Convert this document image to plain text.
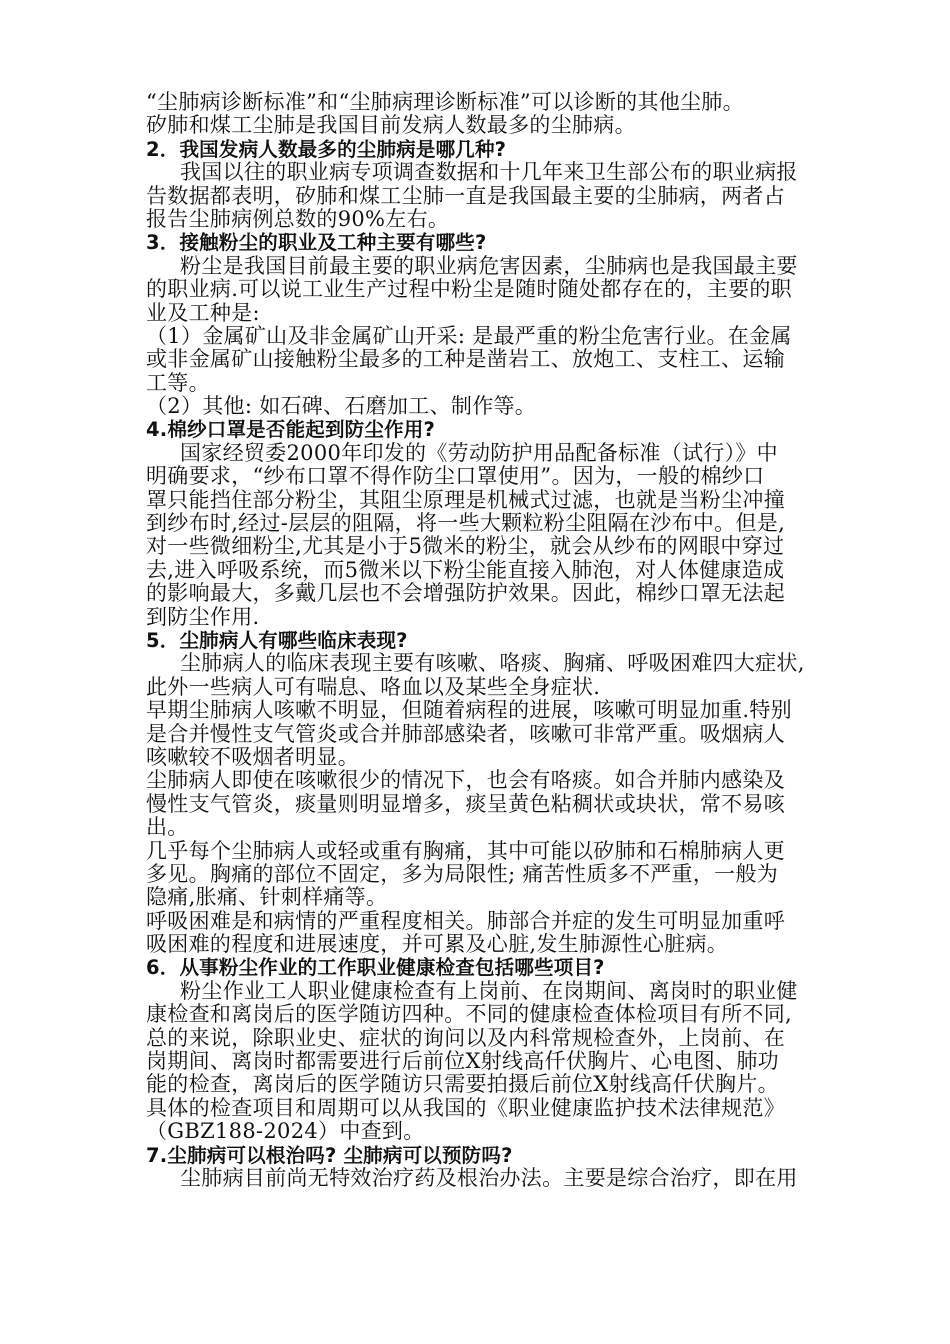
“尘肺病诊断标准”和“尘肺病理诊断标准”可以诊断的其他尘肺。
矽肺和煤工尘肺是我国目前发病人数最多的尘肺病。
2．我国发病人数最多的尘肺病是哪几种?
我国以往的职业病专项调查数据和十几年来卫生部公布的职业病报
告数据都表明，矽肺和煤工尘肺一直是我国最主要的尘肺病，两者占
报告尘肺病例总数的90%左右。
3．接触粉尘的职业及工种主要有哪些?
粉尘是我国目前最主要的职业病危害因素，尘肺病也是我国最主要
的职业病.可以说工业生产过程中粉尘是随时随处都存在的，主要的职
业及工种是:
（1）金属矿山及非金属矿山开采: 是最严重的粉尘危害行业。在金属
或非金属矿山接触粉尘最多的工种是凿岩工、放炮工、支柱工、运输
工等。
（2）其他: 如石碑、石磨加工、制作等。
4.棉纱口罩是否能起到防尘作用?
国家经贸委2000年印发的《劳动防护用品配备标准（试行）》中
明确要求，“纱布口罩不得作防尘口罩使用”。因为，一般的棉纱口
罩只能挡住部分粉尘，其阻尘原理是机械式过滤，也就是当粉尘冲撞
到纱布时,经过-层层的阻隔，将一些大颗粒粉尘阻隔在沙布中。但是,
对一些微细粉尘,尤其是小于5微米的粉尘，就会从纱布的网眼中穿过
去,进入呼吸系统，而5微米以下粉尘能直接入肺泡，对人体健康造成
的影响最大，多戴几层也不会增强防护效果。因此，棉纱口罩无法起
到防尘作用.
5．尘肺病人有哪些临床表现?
尘肺病人的临床表现主要有咳嗽、咯痰、胸痛、呼吸困难四大症状,
此外一些病人可有喘息、咯血以及某些全身症状.
早期尘肺病人咳嗽不明显，但随着病程的进展，咳嗽可明显加重.特别
是合并慢性支气管炎或合并肺部感染者，咳嗽可非常严重。吸烟病人
咳嗽较不吸烟者明显。
尘肺病人即使在咳嗽很少的情况下，也会有咯痰。如合并肺内感染及
慢性支气管炎，痰量则明显增多，痰呈黄色粘稠状或块状，常不易咳
出。
几乎每个尘肺病人或轻或重有胸痛，其中可能以矽肺和石棉肺病人更
多见。胸痛的部位不固定，多为局限性; 痛苦性质多不严重，一般为
隐痛,胀痛、针刺样痛等。
呼吸困难是和病情的严重程度相关。肺部合并症的发生可明显加重呼
吸困难的程度和进展速度，并可累及心脏,发生肺源性心脏病。
6．从事粉尘作业的工作职业健康检查包括哪些项目?
粉尘作业工人职业健康检查有上岗前、在岗期间、离岗时的职业健
康检查和离岗后的医学随访四种。不同的健康检查体检项目有所不同,
总的来说，除职业史、症状的询问以及内科常规检查外，上岗前、在
岗期间、离岗时都需要进行后前位X射线高仟伏胸片、心电图、肺功
能的检查，离岗后的医学随访只需要拍摄后前位X射线高仟伏胸片。
具体的检查项目和周期可以从我国的《职业健康监护技术法律规范》
（GBZ188-2024）中查到。
7.尘肺病可以根治吗? 尘肺病可以预防吗?
尘肺病目前尚无特效治疗药及根治办法。主要是综合治疗，即在用
